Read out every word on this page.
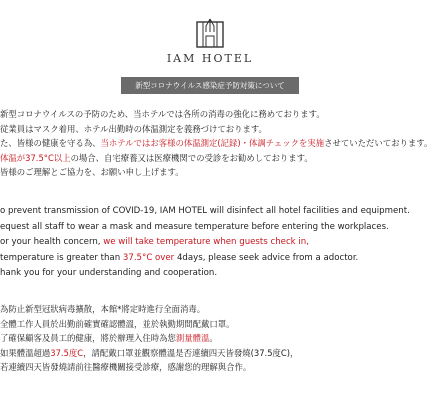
IAM HOTEL
新型コロナウイルス感染症予防対策について
新型コロナウイルスの予防のため、当ホテルでは各所の消毒の強化に務めております。
従業員はマスク着用、ホテル出勤時の体温測定を義務づけております。
た、皆様の健康を守る為、当ホテルではお客様の体温測定(記録)・体調チェックを実施させていただいております。
体温が37.5°C以上の場合、自宅療養又は医療機関での受診をお勧めしております。
皆様のご理解とご協力を、お願い申し上げます。
o prevent transmission of COVID-19, IAM HOTEL will disinfect all hotel facilities and equipment.
equest all staff to wear a mask and measure temperature before entering the workplaces.
or your health concern, we will take temperature when guests check in,
temperature is greater than 37.5°C over 4days, please seek advice from a adoctor.
hank you for your understanding and cooperation.
為防止新型冠狀病毒擴散，本館*將定時進行全面消毒。
全體工作人員於出勤前確實確認體溫，並於執勤期間配戴口罩。
了確保顧客及員工的健康，將於辦理入住時為您測量體溫。
如果體溫超過37.5度C，請配戴口罩並觀察體溫是否連續四天皆發燒(37.5度C)，
若連續四天皆發燒請前往醫療機關接受診療，感謝您的理解與合作。
